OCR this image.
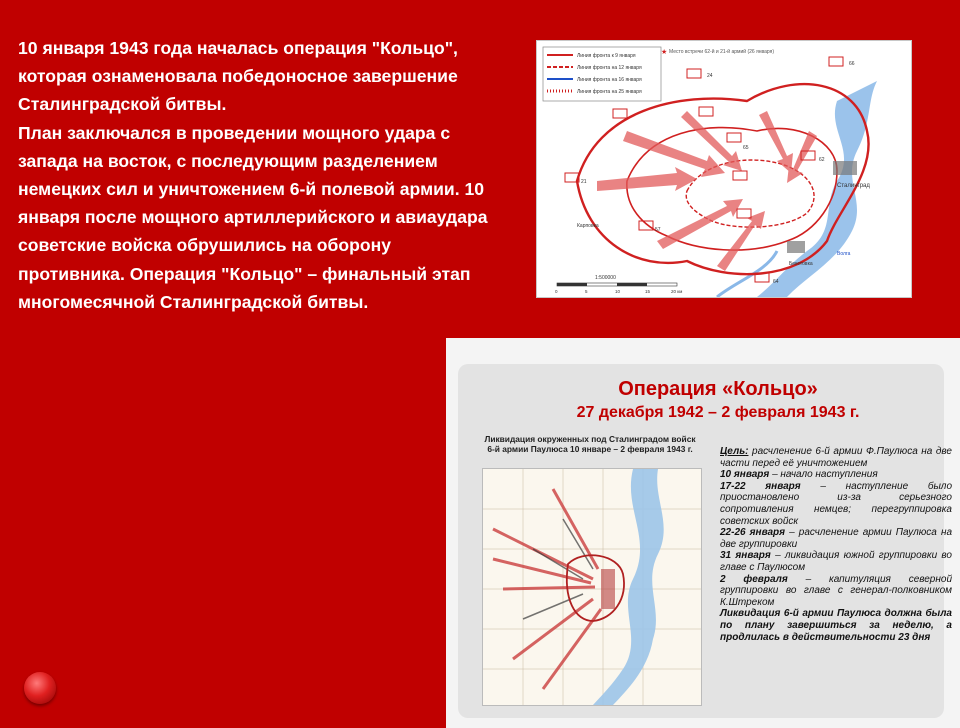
10 января 1943 года началась операция "Кольцо", которая ознаменовала победоносное завершение Сталинградской битвы.

План заключался в проведении мощного удара с запада на восток, с последующим разделением немецких сил и уничтожением 6-й полевой армии. 10 января после мощного артиллерийского и авиаудара советские войска обрушились на оборону противника. Операция "Кольцо" – финальный этап многомесячной Сталинградской битвы.

Линия фронта к 9 января
Линия фронта на 12 января
Линия фронта на 16 января
Линия фронта на 25 января
Место встречи 62-й и 21-й армий (26 января)
★
24
66
21
65
57
64
62
Сталинград
Бекетовка
Карповка
Волга
1:500000
0	5	10	15	20 км
Операция «Кольцо»
27 декабря 1942 – 2 февраля 1943 г.
Ликвидация окруженных под Сталинградом войск 6-й армии Паулюса 10 январе – 2 февраля 1943 г.	Цель: расчленение 6-й армии Ф.Паулюса на две части перед её уничтожением

10 января – начало наступления

17-22 января – наступление было приостановлено из-за серьезного сопротивления немцев; перегруппировка советских войск

22-26 января – расчленение армии Паулюса на две группировки

31 января – ликвидация южной группировки во главе с Паулюсом

2 февраля – капитуляция северной группировки во главе с генерал-полковником К.Штреком

Ликвидация 6-й армии Паулюса должна была по плану завершиться за неделю, а продлилась в действительности 23 дня
